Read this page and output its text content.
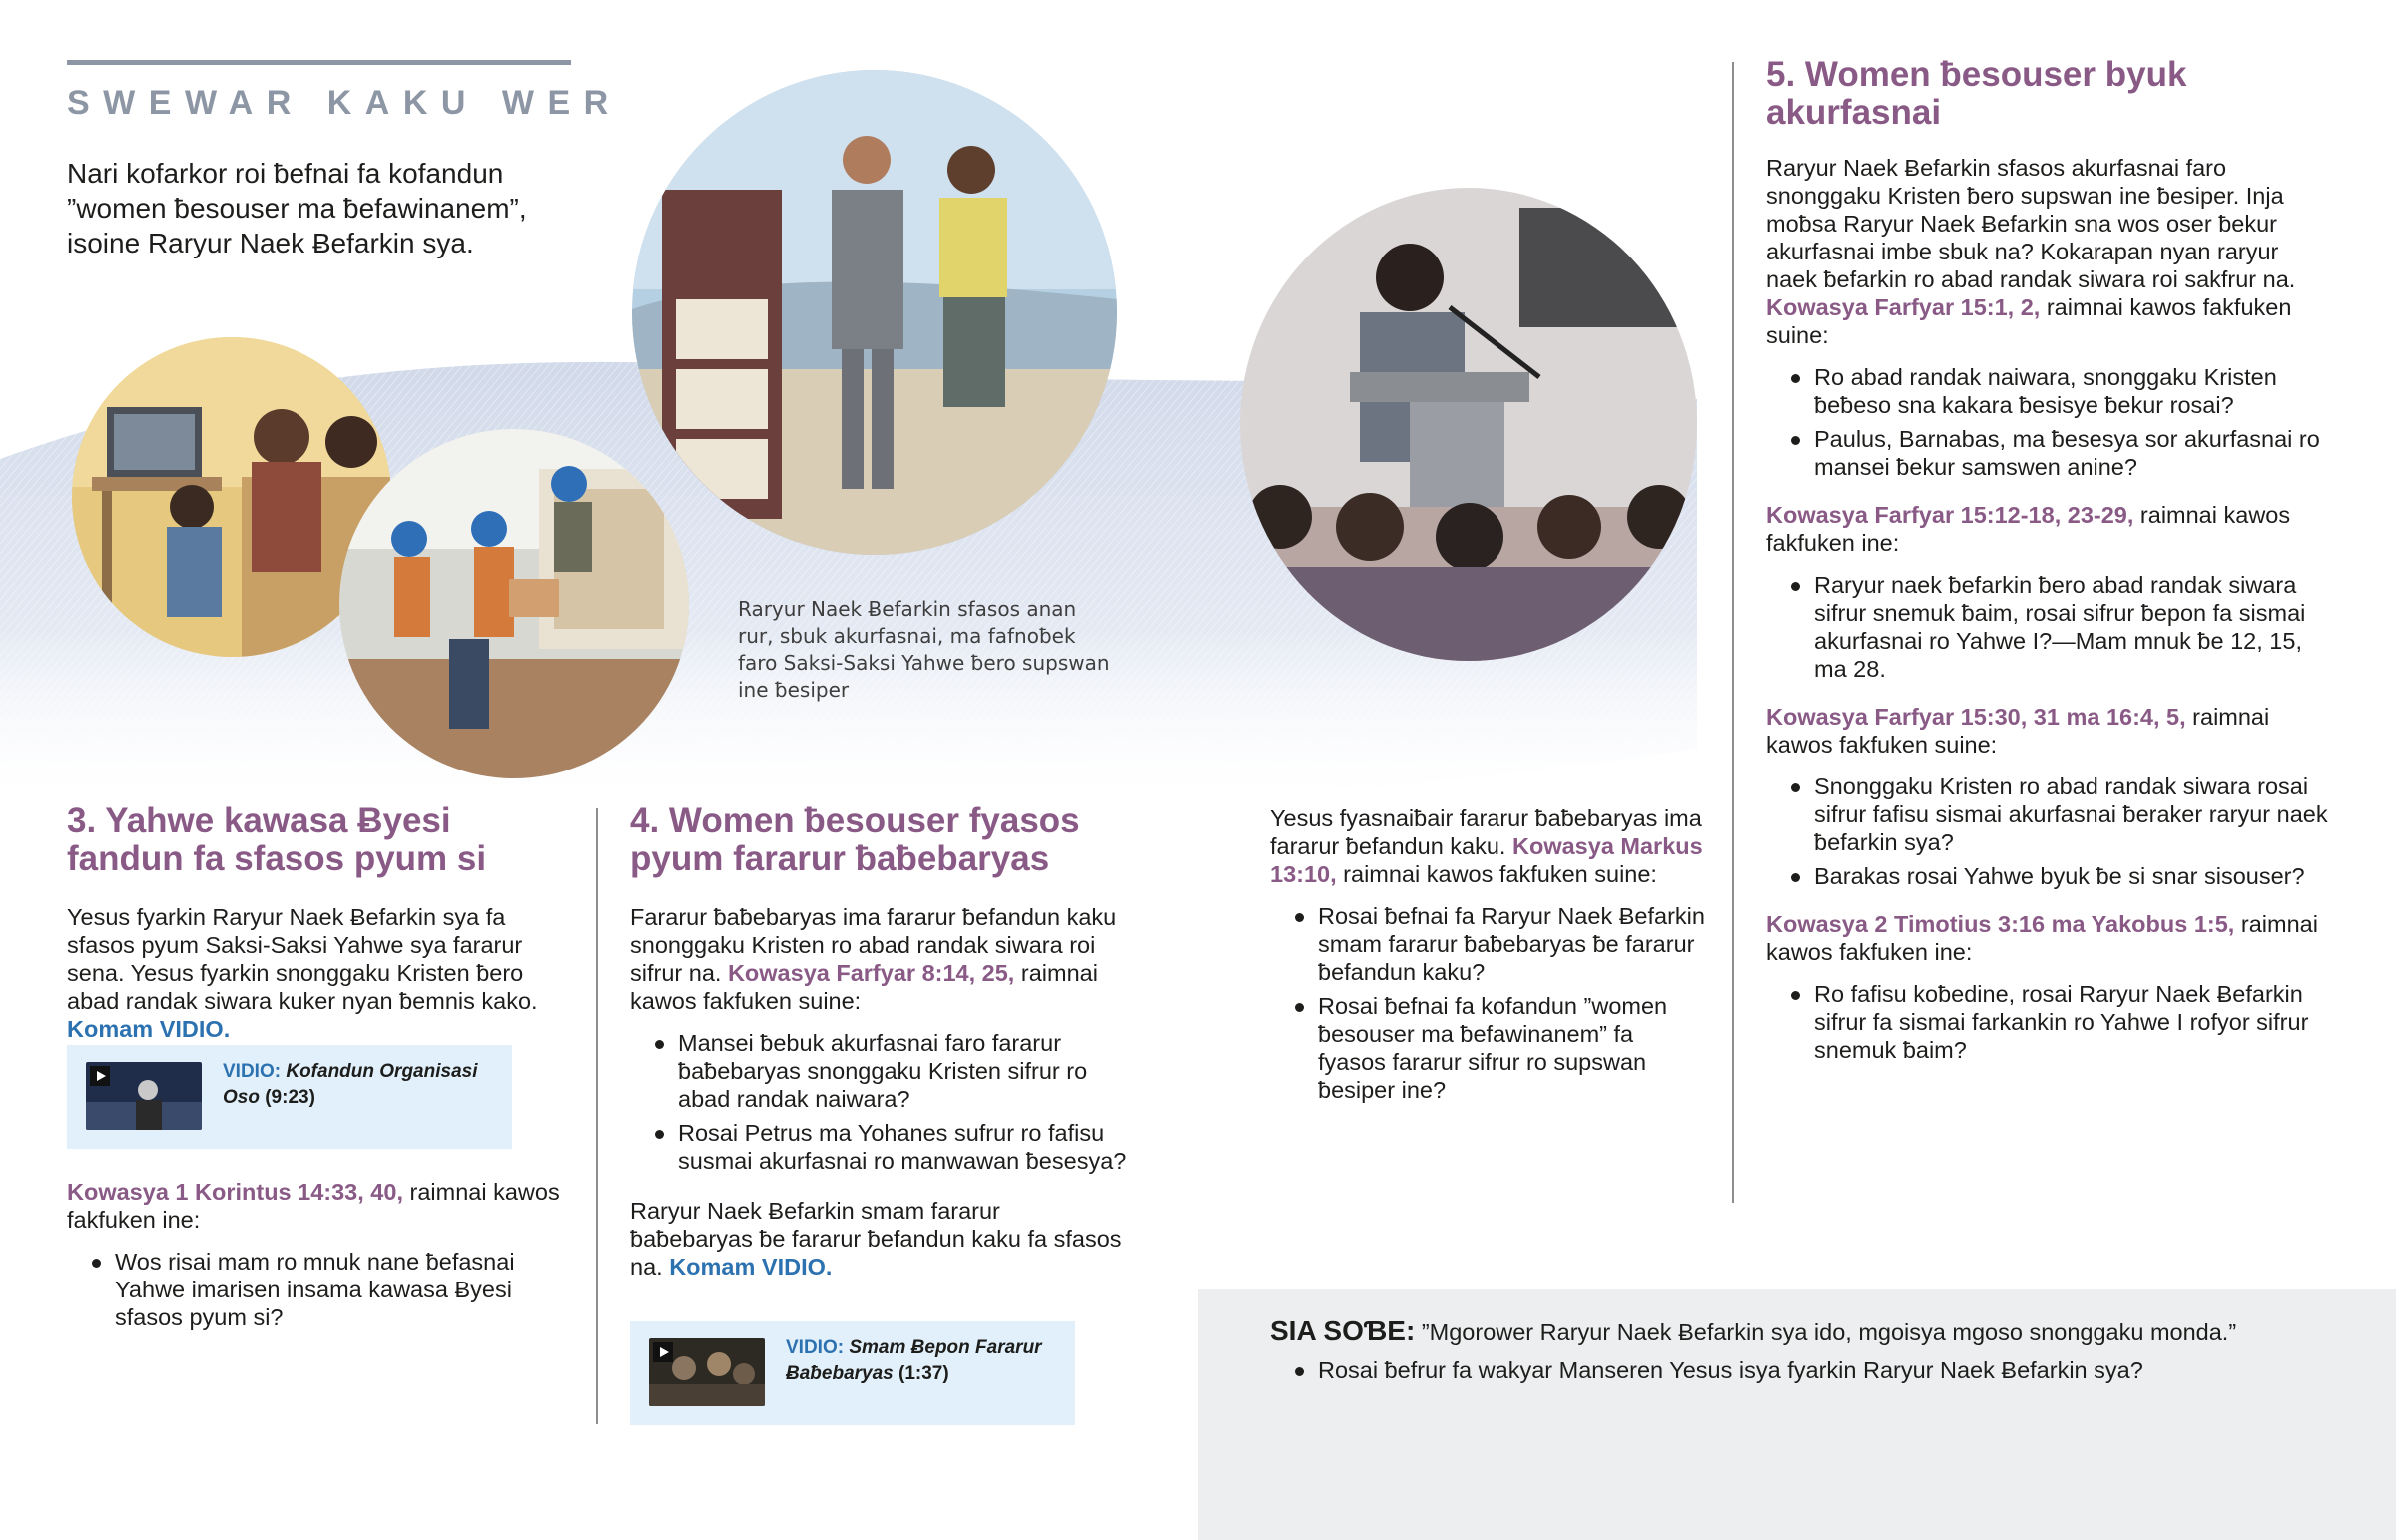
SWEWAR KAKU WER
Nari kofarkor roi ƀefnai fa kofandun ”women ƀesouser ma ƀefawinanem”, isoine Raryur Naek Ƀefarkin sya.
Raryur Naek Ƀefarkin sfasos anan rur, sbuk akurfasnai, ma fafnoƀek faro Saksi-Saksi Yahwe ƀero supswan ine ƀesiper
3. Yahwe kawasa Ƀyesi fandun fa sfasos pyum si

Yesus fyarkin Raryur Naek Ƀefarkin sya fa sfasos pyum Saksi-Saksi Yahwe sya fararur sena. Yesus fyarkin snonggaku Kristen ƀero abad randak siwara kuker nyan ƀemnis kako. Komam VIDIO.

VIDIO: Kofandun Organisasi Oso (9:23)

Kowasya 1 Korintus 14:33, 40, raimnai kawos fakfuken ine:

Wos risai mam ro mnuk nane ƀefasnai Yahwe imarisen insama kawasa Ƀyesi sfasos pyum si?
4. Women ƀesouser fyasos pyum fararur ƀaƀebaryas

Fararur ƀaƀebaryas ima fararur ƀefandun kaku snonggaku Kristen ro abad randak siwara roi sifrur na. Kowasya Farfyar 8:14, 25, raimnai kawos fakfuken suine:

Mansei ƀebuk akurfasnai faro fararur ƀaƀebaryas snonggaku Kristen sifrur ro abad randak naiwara?
Rosai Petrus ma Yohanes sufrur ro fafisu susmai akurfasnai ro manwawan ƀesesya?

Raryur Naek Ƀefarkin smam fararur ƀaƀebaryas ƀe fararur ƀefandun kaku fa sfasos na. Komam VIDIO.

VIDIO: Smam Ƀepon Fararur Ƀaƀebaryas (1:37)

Yesus fyasnaiƀair fararur ƀaƀebaryas ima fararur ƀefandun kaku. Kowasya Markus 13:10, raimnai kawos fakfuken suine:

Rosai ƀefnai fa Raryur Naek Ƀefarkin smam fararur ƀaƀebaryas ƀe fararur ƀefandun kaku?
Rosai ƀefnai fa kofandun ”women ƀesouser ma ƀefawinanem” fa fyasos fararur sifrur ro supswan ƀesiper ine?
5. Women ƀesouser byuk akurfasnai

Raryur Naek Ƀefarkin sfasos akurfasnai faro snonggaku Kristen ƀero supswan ine ƀesiper. Inja moƀsa Raryur Naek Ƀefarkin sna wos oser ƀekur akurfasnai imbe sbuk na? Kokarapan nyan raryur naek ƀefarkin ro abad randak siwara roi sakfrur na. Kowasya Farfyar 15:1, 2, raimnai kawos fakfuken suine:

Ro abad randak naiwara, snonggaku Kristen ƀeƀeso sna kakara ƀesisye ƀekur rosai?
Paulus, Barnabas, ma ƀesesya sor akurfasnai ro mansei ƀekur samswen anine?

Kowasya Farfyar 15:12-18, 23-29, raimnai kawos fakfuken ine:

Raryur naek ƀefarkin ƀero abad randak siwara sifrur snemuk ƀaim, rosai sifrur ƀepon fa sismai akurfasnai ro Yahwe I?—Mam mnuk ƀe 12, 15, ma 28.

Kowasya Farfyar 15:30, 31 ma 16:4, 5, raimnai kawos fakfuken suine:

Snonggaku Kristen ro abad randak siwara rosai sifrur fafisu sismai akurfasnai ƀeraker raryur naek ƀefarkin sya?
Barakas rosai Yahwe byuk ƀe si snar sisouser?

Kowasya 2 Timotius 3:16 ma Yakobus 1:5, raimnai kawos fakfuken ine:

Ro fafisu koƀedine, rosai Raryur Naek Ƀefarkin sifrur fa sismai farkankin ro Yahwe I rofyor sifrur snemuk ƀaim?

SIA SOƁE: ”Mgorower Raryur Naek Ƀefarkin sya ido, mgoisya mgoso snonggaku monda.”

Rosai ƀefrur fa wakyar Manseren Yesus isya fyarkin Raryur Naek Ƀefarkin sya?
